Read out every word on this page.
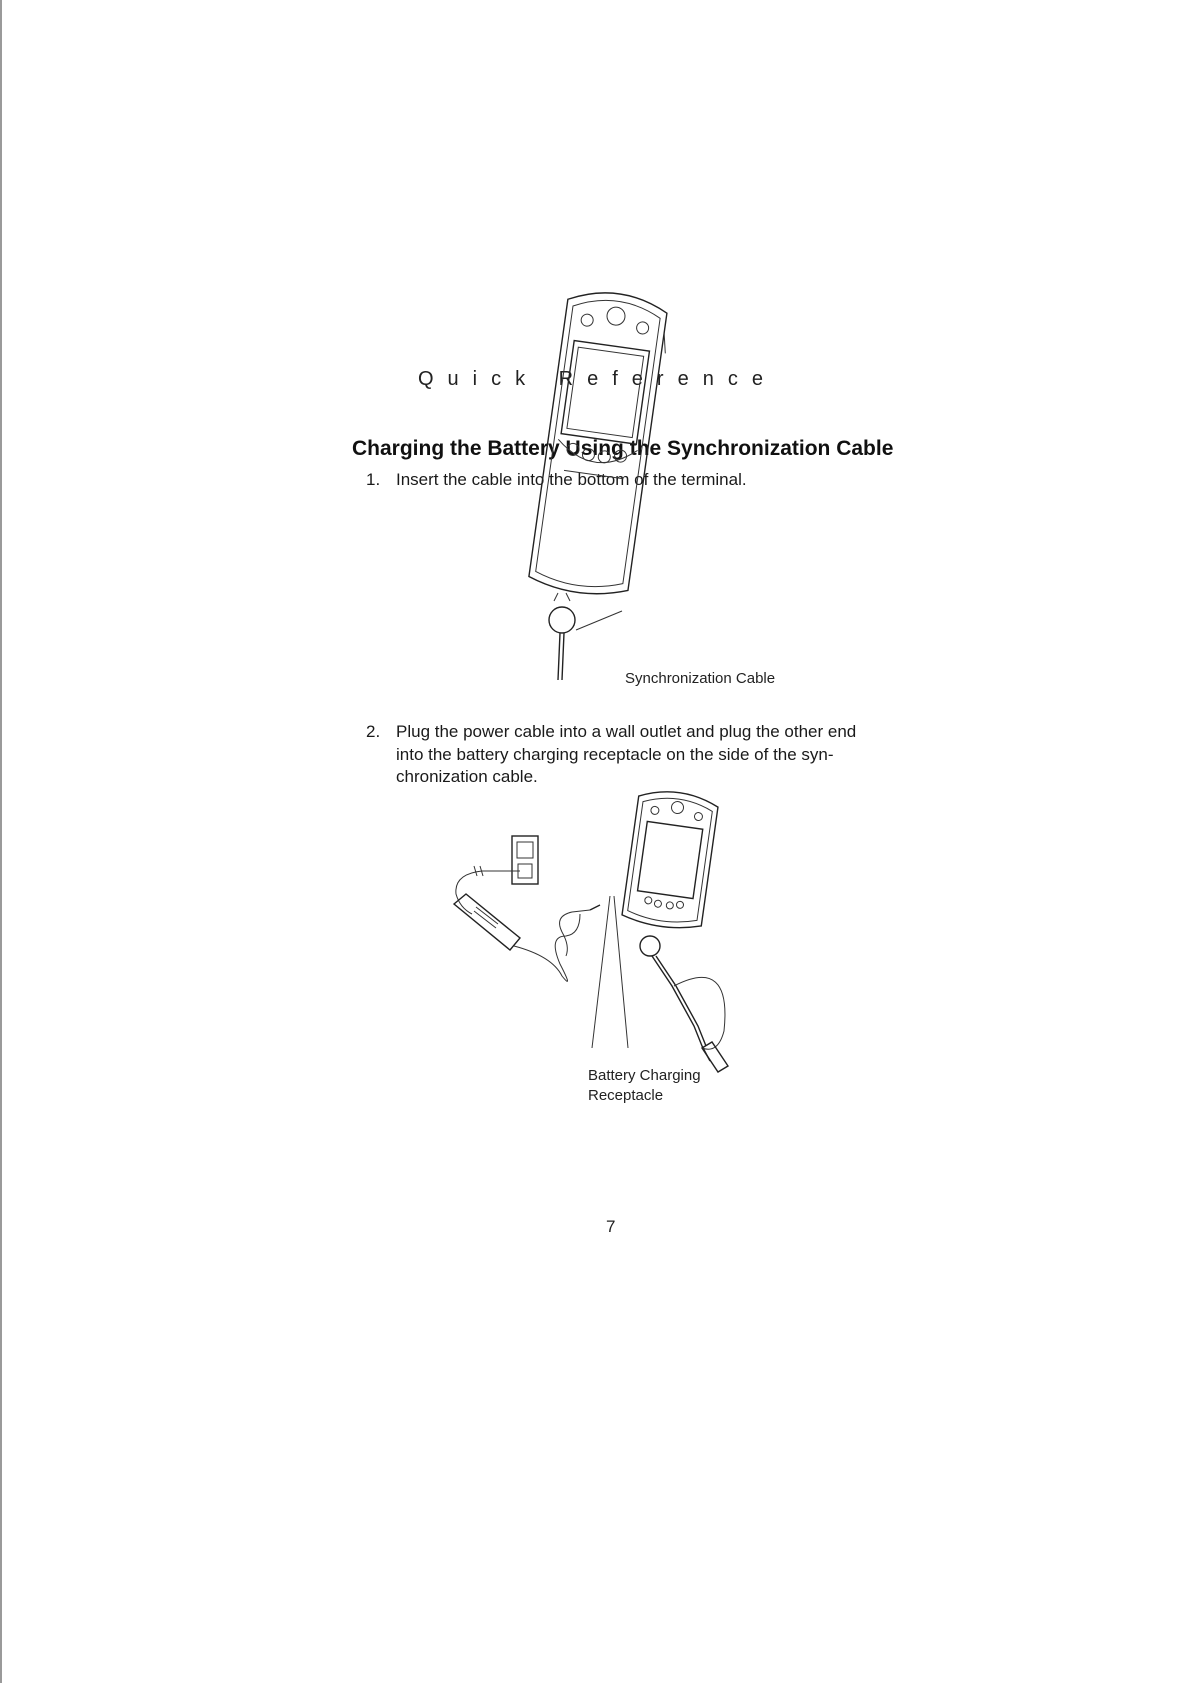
Quick Reference
Charging the Battery Using the Synchronization Cable
1. Insert the cable into the bottom of the terminal.
Synchronization Cable
2. Plug the power cable into a wall outlet and plug the other end
into the battery charging receptacle on the side of the syn-
chronization cable.
Battery Charging
Receptacle
7
